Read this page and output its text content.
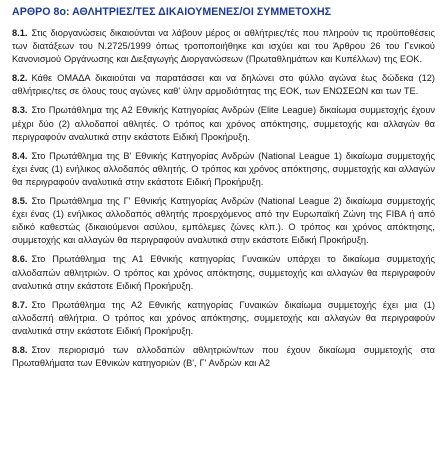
ΑΡΘΡΟ 8ο: ΑΘΛΗΤΡΙΕΣ/ΤΕΣ ΔΙΚΑΙΟΥΜΕΝΕΣ/ΟΙ ΣΥΜΜΕΤΟΧΗΣ

8.1. Στις διοργανώσεις δικαιούνται να λάβουν μέρος οι αθλήτριες/τές που πληρούν τις προϋποθέσεις των διατάξεων του Ν.2725/1999 όπως τροποποιήθηκε και ισχύει και του Άρθρου 26 του Γενικού Κανονισμού Οργάνωσης και Διεξαγωγής Διοργανώσεων (Πρωταθλημάτων και Κυπέλλων) της ΕΟΚ.

8.2. Κάθε ΟΜΑΔΑ δικαιούται να παρατάσσει και να δηλώνει στο φύλλο αγώνα έως δώδεκα (12) αθλήτριες/τες σε όλους τους αγώνες καθ' ύλην αρμοδιότητας της ΕΟΚ, των ΕΝΩΣΕΩΝ και των ΤΕ.

8.3. Στο Πρωτάθλημα της Α2 Εθνικής Κατηγορίας Ανδρών (Elite League) δικαίωμα συμμετοχής έχουν μέχρι δύο (2) αλλοδαποί αθλητές. Ο τρόπος και χρόνος απόκτησης, συμμετοχής και αλλαγών θα περιγραφούν αναλυτικά στην εκάστοτε Ειδική Προκήρυξη.

8.4. Στο Πρωτάθλημα της Β' Εθνικής Κατηγορίας Ανδρών (National League 1) δικαίωμα συμμετοχής έχει ένας (1) ενήλικος αλλοδαπός αθλητής. Ο τρόπος και χρόνος απόκτησης, συμμετοχής και αλλαγών θα περιγραφούν αναλυτικά στην εκάστοτε Ειδική Προκήρυξη.

8.5. Στο Πρωτάθλημα της Γ' Εθνικής Κατηγορίας Ανδρών (National League 2) δικαίωμα συμμετοχής έχει ένας (1) ενήλικος αλλοδαπός αθλητής προερχόμενος από την Ευρωπαϊκή Ζώνη της FIBA ή από ειδικό καθεστώς (δικαιούμενοι ασύλου, εμπόλεμες ζώνες κλπ.). Ο τρόπος και χρόνος απόκτησης, συμμετοχής και αλλαγών θα περιγραφούν αναλυτικά στην εκάστοτε Ειδική Προκήρυξη.

8.6. Στο Πρωτάθλημα της Α1 Εθνικής κατηγορίας Γυναικών υπάρχει το δικαίωμα συμμετοχής αλλοδαπών αθλητριών. Ο τρόπος και χρόνος απόκτησης, συμμετοχής και αλλαγών θα περιγραφούν αναλυτικά στην εκάστοτε Ειδική Προκήρυξη.

8.7. Στο Πρωτάθλημα της Α2 Εθνικής κατηγορίας Γυναικών δικαίωμα συμμετοχής έχει μια (1) αλλοδαπή αθλήτρια. Ο τρόπος και χρόνος απόκτησης, συμμετοχής και αλλαγών θα περιγραφούν αναλυτικά στην εκάστοτε Ειδική Προκήρυξη.

8.8. Στον περιορισμό των αλλοδαπών αθλητριών/των που έχουν δικαίωμα συμμετοχής στα Πρωταθλήματα των Εθνικών κατηγοριών (Β', Γ' Ανδρών και Α2
